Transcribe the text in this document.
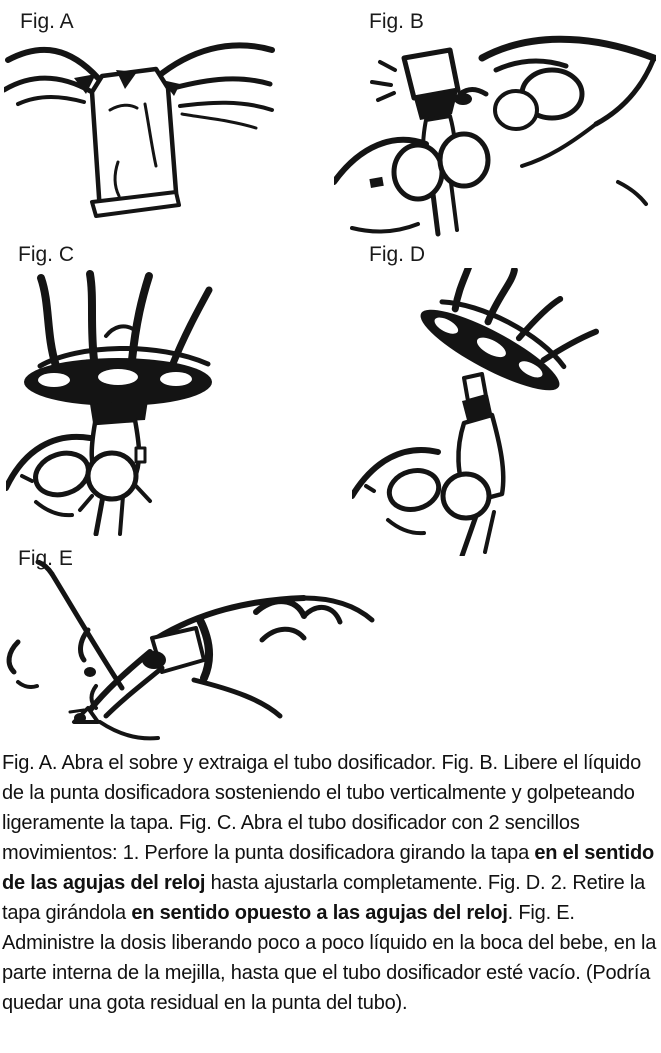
Fig. A	Fig. B
Fig. C	Fig. D
Fig. E

Fig. A. Abra el sobre y extraiga el tubo dosificador. Fig. B. Libere el líquido de la punta dosificadora sosteniendo el tubo verticalmente y golpeteando ligeramente la tapa. Fig. C. Abra el tubo dosificador con 2 sencillos movimientos: 1. Perfore la punta dosificadora girando la tapa en el sentido de las agujas del reloj hasta ajustarla completamente. Fig. D. 2. Retire la tapa girándola en sentido opuesto a las agujas del reloj. Fig. E. Administre la dosis liberando poco a poco líquido en la boca del bebe, en la parte interna de la mejilla, hasta que el tubo dosificador esté vacío. (Podría quedar una gota residual en la punta del tubo).
